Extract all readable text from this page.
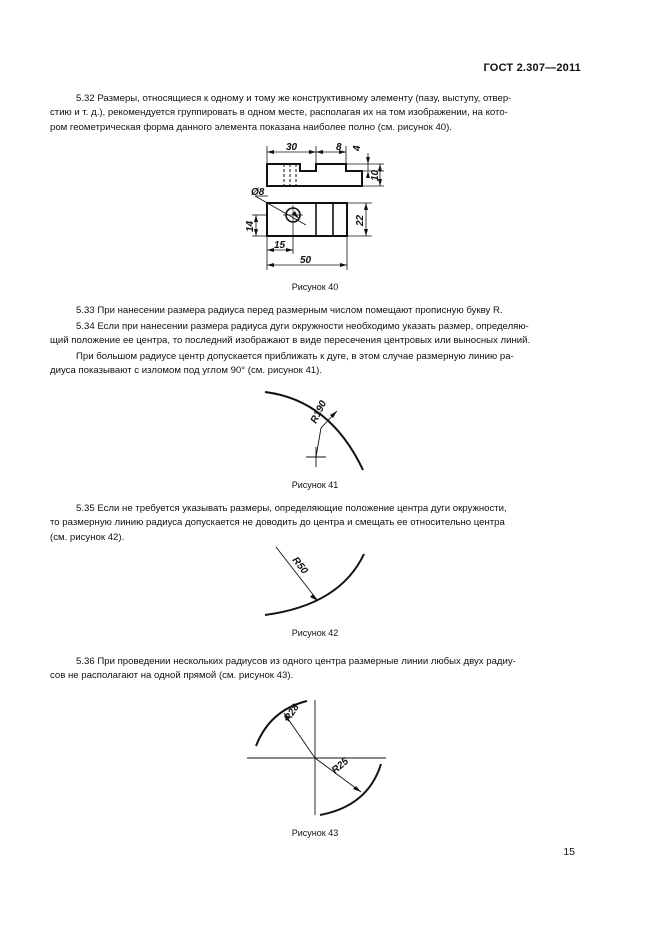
ГОСТ 2.307—2011

5.32 Размеры, относящиеся к одному и тому же конструктивному элементу (пазу, выступу, отвер-
стию и т. д.), рекомендуется группировать в одном месте, располагая их на том изображении, на кото-
ром геометрическая форма данного элемента показана наиболее полно (см. рисунок 40).

30	8 4
10
Ø8
14
22
15
50
Рисунок 40

5.33 При нанесении размера радиуса перед размерным числом помещают прописную букву R.

5.34 Если при нанесении размера радиуса дуги окружности необходимо указать размер, определяю-
щий положение ее центра, то последний изображают в виде пересечения центровых или выносных линий.

При большом радиусе центр допускается приближать к дуге, в этом случае размерную линию ра-
диуса показывают с изломом под углом 90° (см. рисунок 41).

R190
Рисунок 41

5.35 Если не требуется указывать размеры, определяющие положение центра дуги окружности,
то размерную линию радиуса допускается не доводить до центра и смещать ее относительно центра
(см. рисунок 42).

R50
Рисунок 42

5.36 При проведении нескольких радиусов из одного центра размерные линии любых двух радиу-
сов не располагают на одной прямой (см. рисунок 43).

R28
R25
Рисунок 43
15
